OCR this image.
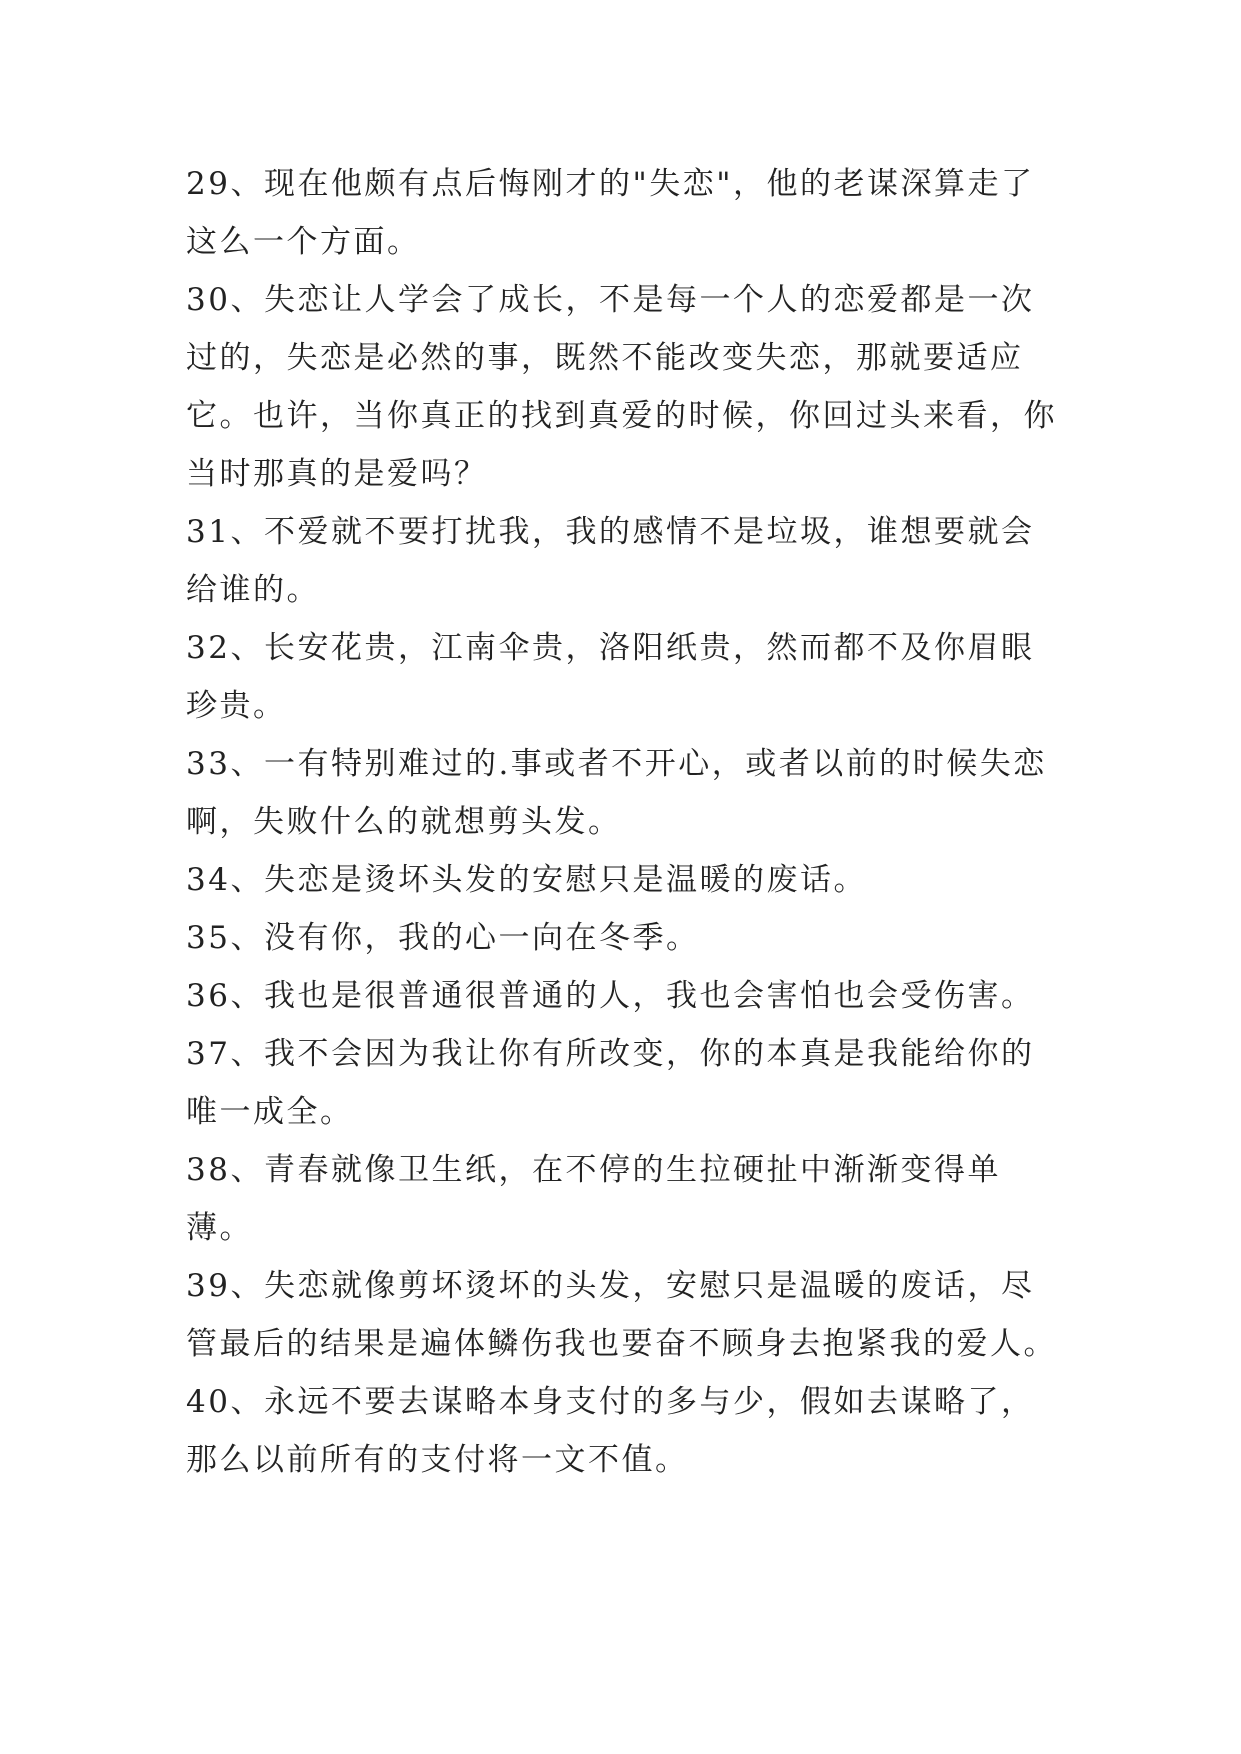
29、现在他颇有点后悔刚才的"失恋"，他的老谋深算走了这么一个方面。

30、失恋让人学会了成长，不是每一个人的恋爱都是一次过的，失恋是必然的事，既然不能改变失恋，那就要适应它。也许，当你真正的找到真爱的时候，你回过头来看，你当时那真的是爱吗？

31、不爱就不要打扰我，我的感情不是垃圾，谁想要就会给谁的。

32、长安花贵，江南伞贵，洛阳纸贵，然而都不及你眉眼珍贵。

33、一有特别难过的.事或者不开心，或者以前的时候失恋啊，失败什么的就想剪头发。

34、失恋是烫坏头发的安慰只是温暖的废话。

35、没有你，我的心一向在冬季。

36、我也是很普通很普通的人，我也会害怕也会受伤害。

37、我不会因为我让你有所改变，你的本真是我能给你的唯一成全。

38、青春就像卫生纸，在不停的生拉硬扯中渐渐变得单薄。

39、失恋就像剪坏烫坏的头发，安慰只是温暖的废话，尽管最后的结果是遍体鳞伤我也要奋不顾身去抱紧我的爱人。

40、永远不要去谋略本身支付的多与少，假如去谋略了，那么以前所有的支付将一文不值。
